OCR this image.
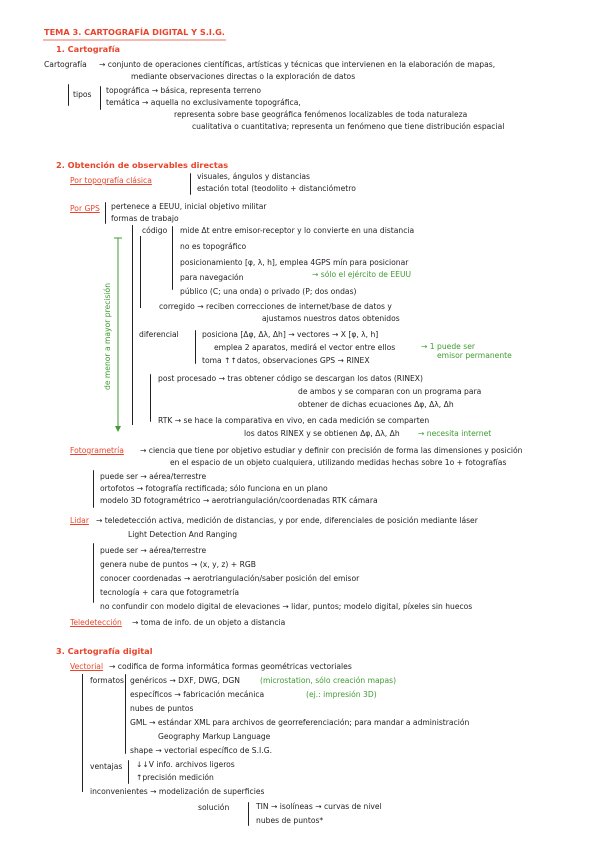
TEMA 3. CARTOGRAFÍA DIGITAL Y S.I.G.
1. Cartografía
Cartografía → conjunto de operaciones científicas, artísticas y técnicas que intervienen en la elaboración de mapas,
mediante observaciones directas o la exploración de datos
tipos topográfica → básica, representa terreno
temática → aquella no exclusivamente topográfica,
representa sobre base geográfica fenómenos localizables de toda naturaleza
cualitativa o cuantitativa; representa un fenómeno que tiene distribución espacial
2. Obtención de observables directas
Por topografía clásica	visuales, ángulos y distancias
estación total (teodolito + distanciómetro
Por GPS pertenece a EEUU, inicial objetivo militar
formas de trabajo
de menor a mayor precisión
código mide Δt entre emisor-receptor y lo convierte en una distancia
no es topográfico
posicionamiento [φ, λ, h], emplea 4GPS mín para posicionar
para navegación	→ sólo el ejército de EEUU
público (C; una onda) o privado (P; dos ondas)
corregido → reciben correcciones de internet/base de datos y
ajustamos nuestros datos obtenidos
diferencial	posiciona [Δφ, Δλ, Δh] → vectores → X [φ, λ, h]
emplea 2 aparatos, medirá el vector entre ellos	→ 1 puede ser
emisor permanente
toma ↑↑datos, observaciones GPS → RINEX
post procesado → tras obtener código se descargan los datos (RINEX)
de ambos y se comparan con un programa para
obtener de dichas ecuaciones Δφ, Δλ, Δh
RTK → se hace la comparativa en vivo, en cada medición se comparten
los datos RINEX y se obtienen Δφ, Δλ, Δh → necesita internet
Fotogrametría → ciencia que tiene por objetivo estudiar y definir con precisión de forma las dimensiones y posición
en el espacio de un objeto cualquiera, utilizando medidas hechas sobre 1o + fotografías
puede ser → aérea/terrestre
ortofotos → fotografía rectificada; sólo funciona en un plano
modelo 3D fotogramétrico → aerotriangulación/coordenadas RTK cámara
Lidar → teledetección activa, medición de distancias, y por ende, diferenciales de posición mediante láser
Light Detection And Ranging
puede ser → aérea/terrestre
genera nube de puntos → (x, y, z) + RGB
conocer coordenadas → aerotriangulación/saber posición del emisor
tecnología + cara que fotogrametría
no confundir con modelo digital de elevaciones → lidar, puntos; modelo digital, píxeles sin huecos
Teledetección → toma de info. de un objeto a distancia
3. Cartografía digital
Vectorial → codifica de forma informática formas geométricas vectoriales
formatos genéricos → DXF, DWG, DGN	(microstation, sólo creación mapas)
específicos → fabricación mecánica	(ej.: impresión 3D)
nubes de puntos
GML → estándar XML para archivos de georreferenciación; para mandar a administración
Geography Markup Language
shape → vectorial específico de S.I.G.
ventajas ↓↓V info. archivos ligeros
↑precisión medición
inconvenientes → modelización de superficies
solución	TIN → isolíneas → curvas de nivel
nubes de puntos*
